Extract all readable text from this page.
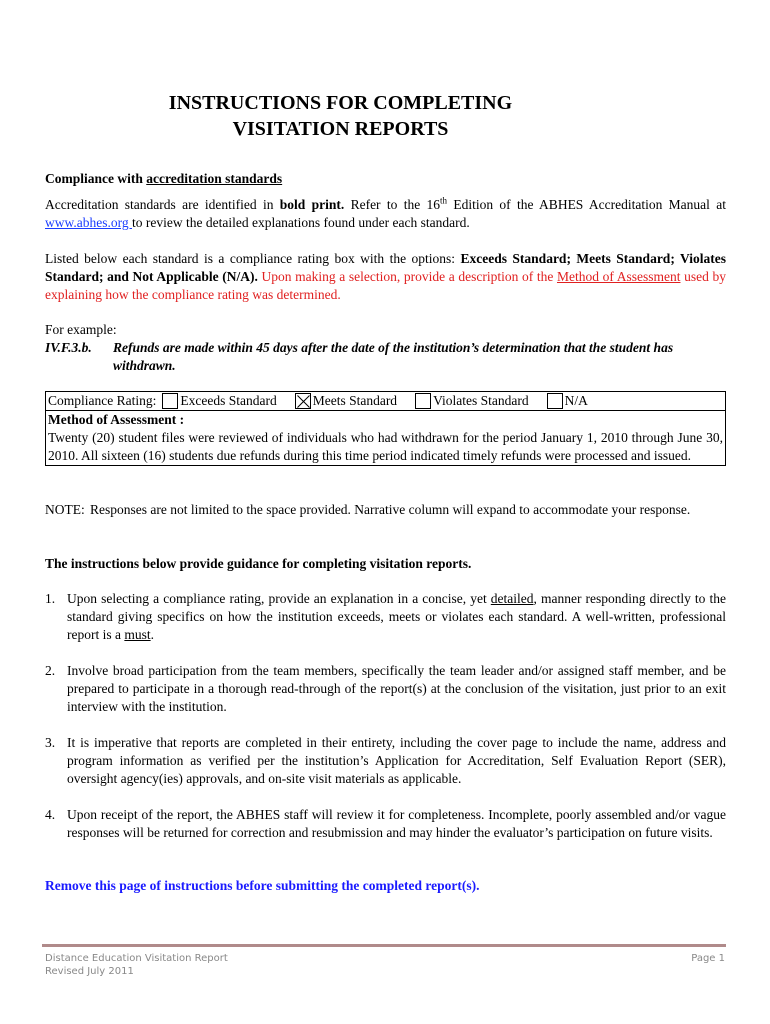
INSTRUCTIONS FOR COMPLETING
VISITATION REPORTS
Compliance with accreditation standards
Accreditation standards are identified in bold print. Refer to the 16th Edition of the ABHES Accreditation Manual at www.abhes.org to review the detailed explanations found under each standard.
Listed below each standard is a compliance rating box with the options: Exceeds Standard; Meets Standard; Violates Standard; and Not Applicable (N/A). Upon making a selection, provide a description of the Method of Assessment used by explaining how the compliance rating was determined.
For example:
IV.F.3.b. Refunds are made within 45 days after the date of the institution’s determination that the student has withdrawn.
Compliance Rating: Exceeds Standard	Meets Standard	Violates Standard	N/A

Method of Assessment :
Twenty (20) student files were reviewed of individuals who had withdrawn for the period January 1, 2010 through June 30, 2010. All sixteen (16) students due refunds during this time period indicated timely refunds were processed and issued.
NOTE: Responses are not limited to the space provided. Narrative column will expand to accommodate your response.
The instructions below provide guidance for completing visitation reports.
1. Upon selecting a compliance rating, provide an explanation in a concise, yet detailed, manner responding directly to the standard giving specifics on how the institution exceeds, meets or violates each standard. A well-written, professional report is a must.
2. Involve broad participation from the team members, specifically the team leader and/or assigned staff member, and be prepared to participate in a thorough read-through of the report(s) at the conclusion of the visitation, just prior to an exit interview with the institution.
3. It is imperative that reports are completed in their entirety, including the cover page to include the name, address and program information as verified per the institution’s Application for Accreditation, Self Evaluation Report (SER), oversight agency(ies) approvals, and on-site visit materials as applicable.
4. Upon receipt of the report, the ABHES staff will review it for completeness. Incomplete, poorly assembled and/or vague responses will be returned for correction and resubmission and may hinder the evaluator’s participation on future visits.
Remove this page of instructions before submitting the completed report(s).
Distance Education Visitation Report
Revised July 2011
Page 1
